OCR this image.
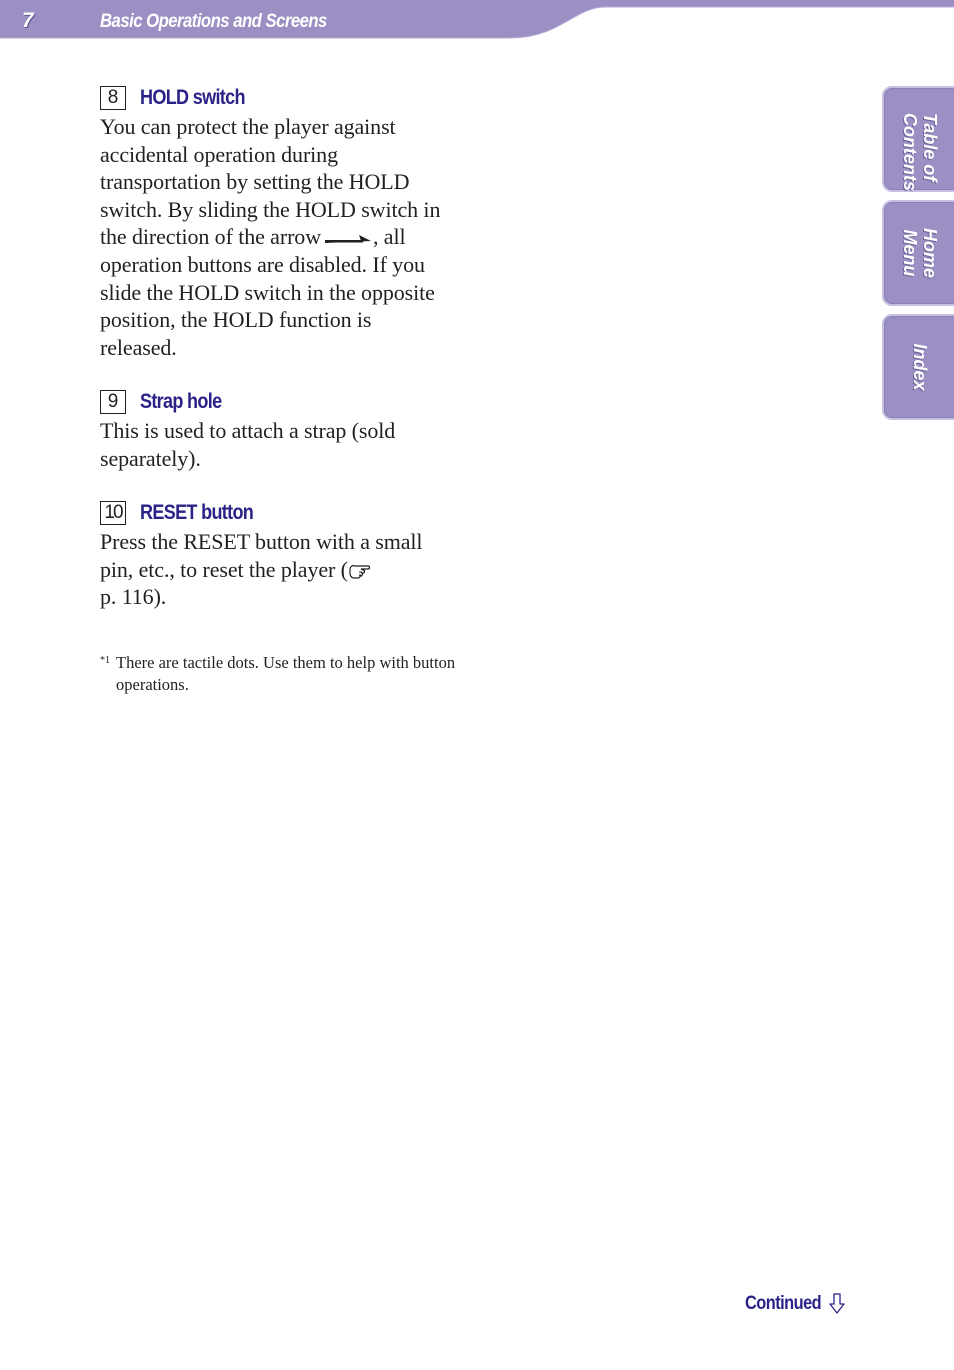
7	Basic Operations and Screens
Table of
Contents
Home
Menu
Index
8	HOLD switch
You can protect the player against accidental operation during transportation by setting the HOLD switch. By sliding the HOLD switch in the direction of the arrow , all operation buttons are disabled. If you slide the HOLD switch in the opposite position, the HOLD function is released.
9	Strap hole
This is used to attach a strap (sold separately).
10 RESET button
Press the RESET button with a small pin, etc., to reset the player (
p. 116).
*1 There are tactile dots. Use them to help with button operations.
Continued
